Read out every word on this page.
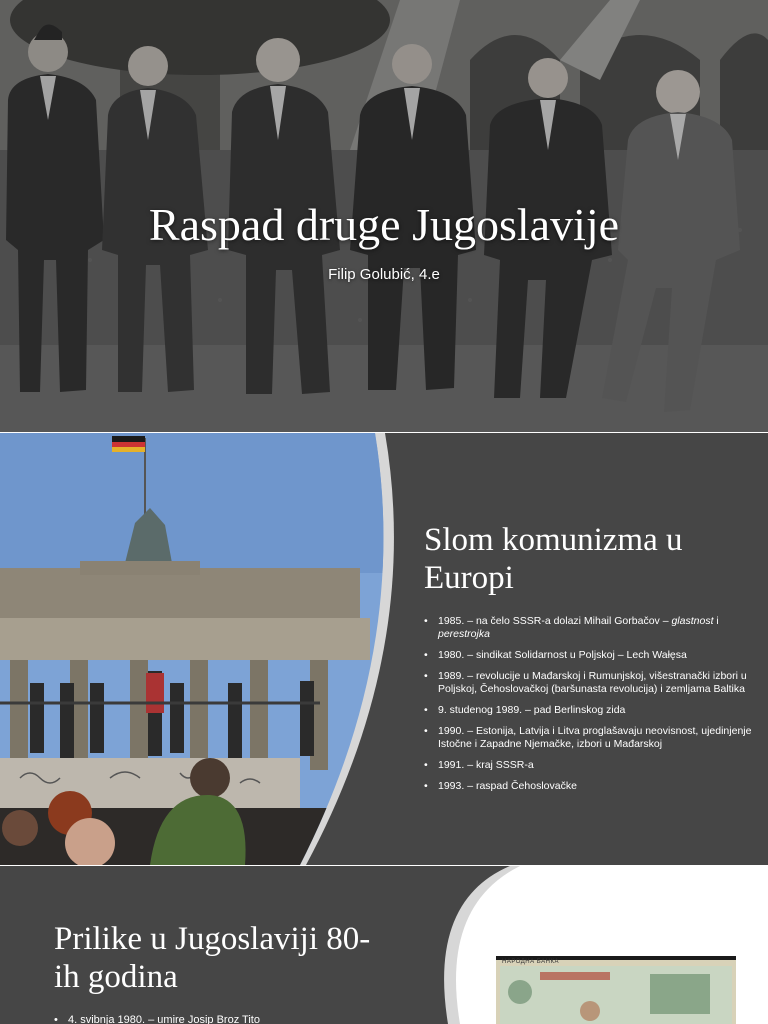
Raspad druge Jugoslavije
Filip Golubić, 4.e
Slom komunizma u Europi
• 1985. – na čelo SSSR-a dolazi Mihail Gorbačov – glastnost i perestrojka
• 1980. – sindikat Solidarnost u Poljskoj – Lech Wałęsa
• 1989. – revolucije u Mađarskoj i Rumunjskoj, višestranački izbori u Poljskoj, Čehoslovačkoj (baršunasta revolucija) i zemljama Baltika
• 9. studenog 1989. – pad Berlinskog zida
• 1990. – Estonija, Latvija i Litva proglašavaju neovisnost, ujedinjenje Istočne i Zapadne Njemačke, izbori u Mađarskoj
• 1991. – kraj SSSR-a
• 1993. – raspad Čehoslovačke
Prilike u Jugoslaviji 80-ih godina
• 4. svibnja 1980. – umire Josip Broz Tito
НАРОДНА БАНКА
